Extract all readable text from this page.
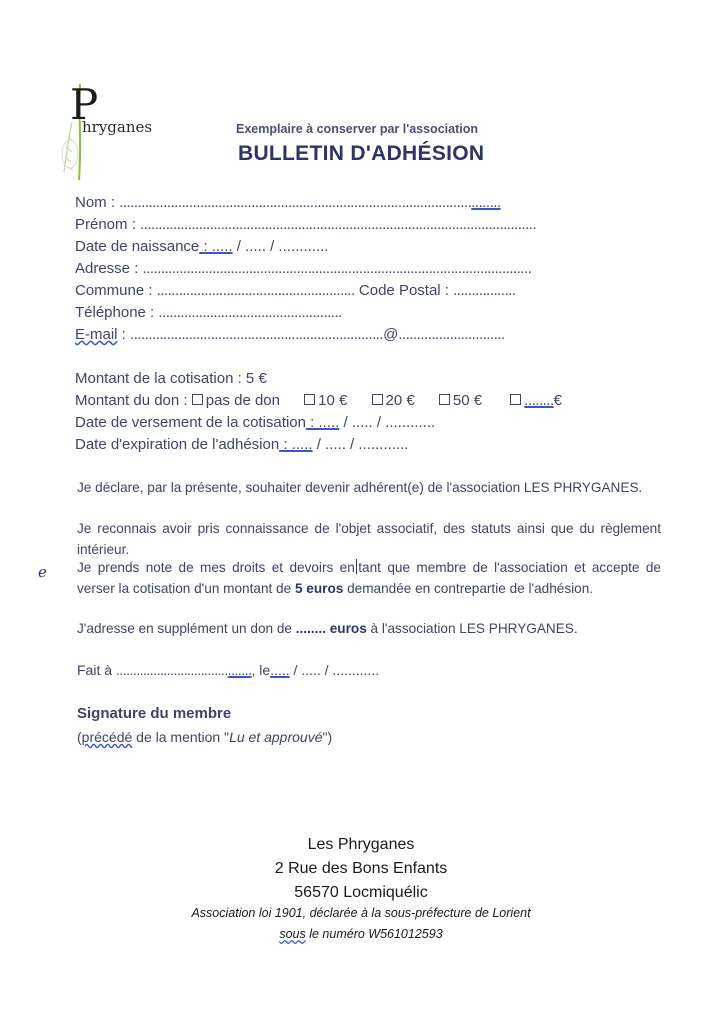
P
hryganes	Exemplaire à conserver par l'association
BULLETIN D'ADHÉSION
Nom : ........................................................................................................
Prénom : ............................................................................................................
Date de naissance : ..... / ..... / ............
Adresse : ..........................................................................................................
Commune : ...................................................... Code Postal : .................
Téléphone : ..................................................
E-mail : .....................................................................@.............................
Montant de la cotisation : 5 €
Montant du don : pas de don	10 €	20 €	50 €	........€
Date de versement de la cotisation : ..... / ..... / ............
Date d'expiration de l'adhésion : ..... / ..... / ............
Je déclare, par la présente, souhaiter devenir adhérent(e) de l'association LES PHRYGANES.
Je reconnais avoir pris connaissance de l'objet associatif, des statuts ainsi que du règlement intérieur.
ℯ Je prends note de mes droits et devoirs en tant que membre de l'association et accepte de verser la cotisation d'un montant de 5 euros demandée en contrepartie de l'adhésion.
J'adresse en supplément un don de ........ euros à l'association LES PHRYGANES.
Fait à ........................................, le..... / ..... / ............
Signature du membre
(précédé de la mention "Lu et approuvé")
Les Phryganes
2 Rue des Bons Enfants
56570 Locmiquélic
Association loi 1901, déclarée à la sous-préfecture de Lorient
sous le numéro W561012593
